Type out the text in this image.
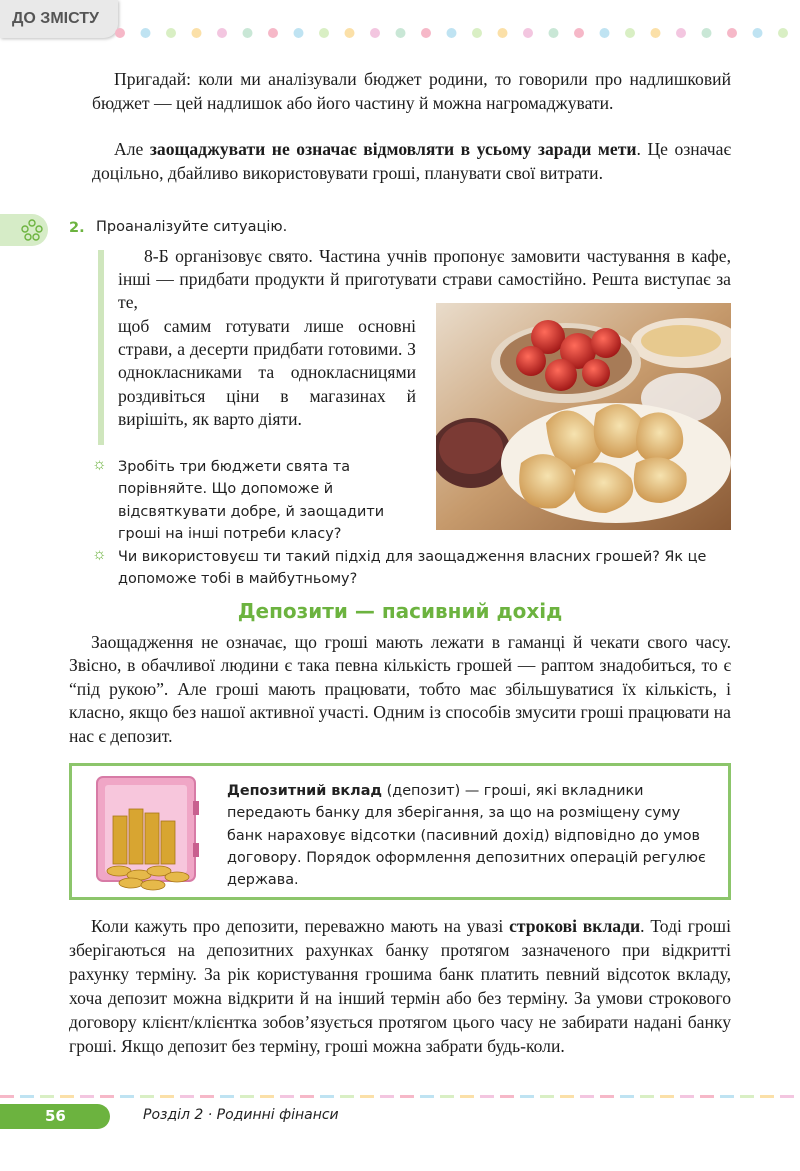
ДО ЗМІСТУ
Пригадай: коли ми аналізували бюджет родини, то говорили про надлишковий бюджет — цей надлишок або його частину й можна нагромаджувати.
Але заощаджувати не означає відмовляти в усьому заради мети. Це означає доцільно, дбайливо використовувати гроші, планувати свої витрати.
2. Проаналізуйте ситуацію.
8-Б організовує свято. Частина учнів пропонує замовити частування в кафе, інші — придбати продукти й приготувати страви самостійно. Решта виступає за те,
щоб самим готувати лише основні страви, а десерти придбати готовими. З однокласниками та однокласницями роздивіться ціни в магазинах й вирішіть, як варто діяти.
☼ Зробіть три бюджети свята та порівняйте. Що допоможе й відсвяткувати добре, й заощадити гроші на інші потреби класу?
☼ Чи використовуєш ти такий підхід для заощадження власних грошей? Як це допоможе тобі в майбутньому?
Депозити — пасивний дохід
Заощадження не означає, що гроші мають лежати в гаманці й чекати свого часу. Звісно, в обачливої людини є така певна кількість грошей — раптом знадобиться, то є “під рукою”. Але гроші мають працювати, тобто має збільшуватися їх кількість, і класно, якщо без нашої активної участі. Одним із способів змусити гроші працювати на нас є депозит.
Депозитний вклад (депозит) — гроші, які вкладники передають банку для зберігання, за що на розміщену суму банк нараховує відсотки (пасивний дохід) відповідно до умов договору. Порядок оформлення депозитних операцій регулює держава.
Коли кажуть про депозити, переважно мають на увазі строкові вклади. Тоді гроші зберігаються на депозитних рахунках банку протягом зазначеного при відкритті рахунку терміну. За рік користування грошима банк платить певний відсоток вкладу, хоча депозит можна відкрити й на інший термін або без терміну. За умови строкового договору клієнт/клієнтка зобов’язується протягом цього часу не забирати надані банку гроші. Якщо депозит без терміну, гроші можна забрати будь-коли.
56	Розділ 2 · Родинні фінанси
